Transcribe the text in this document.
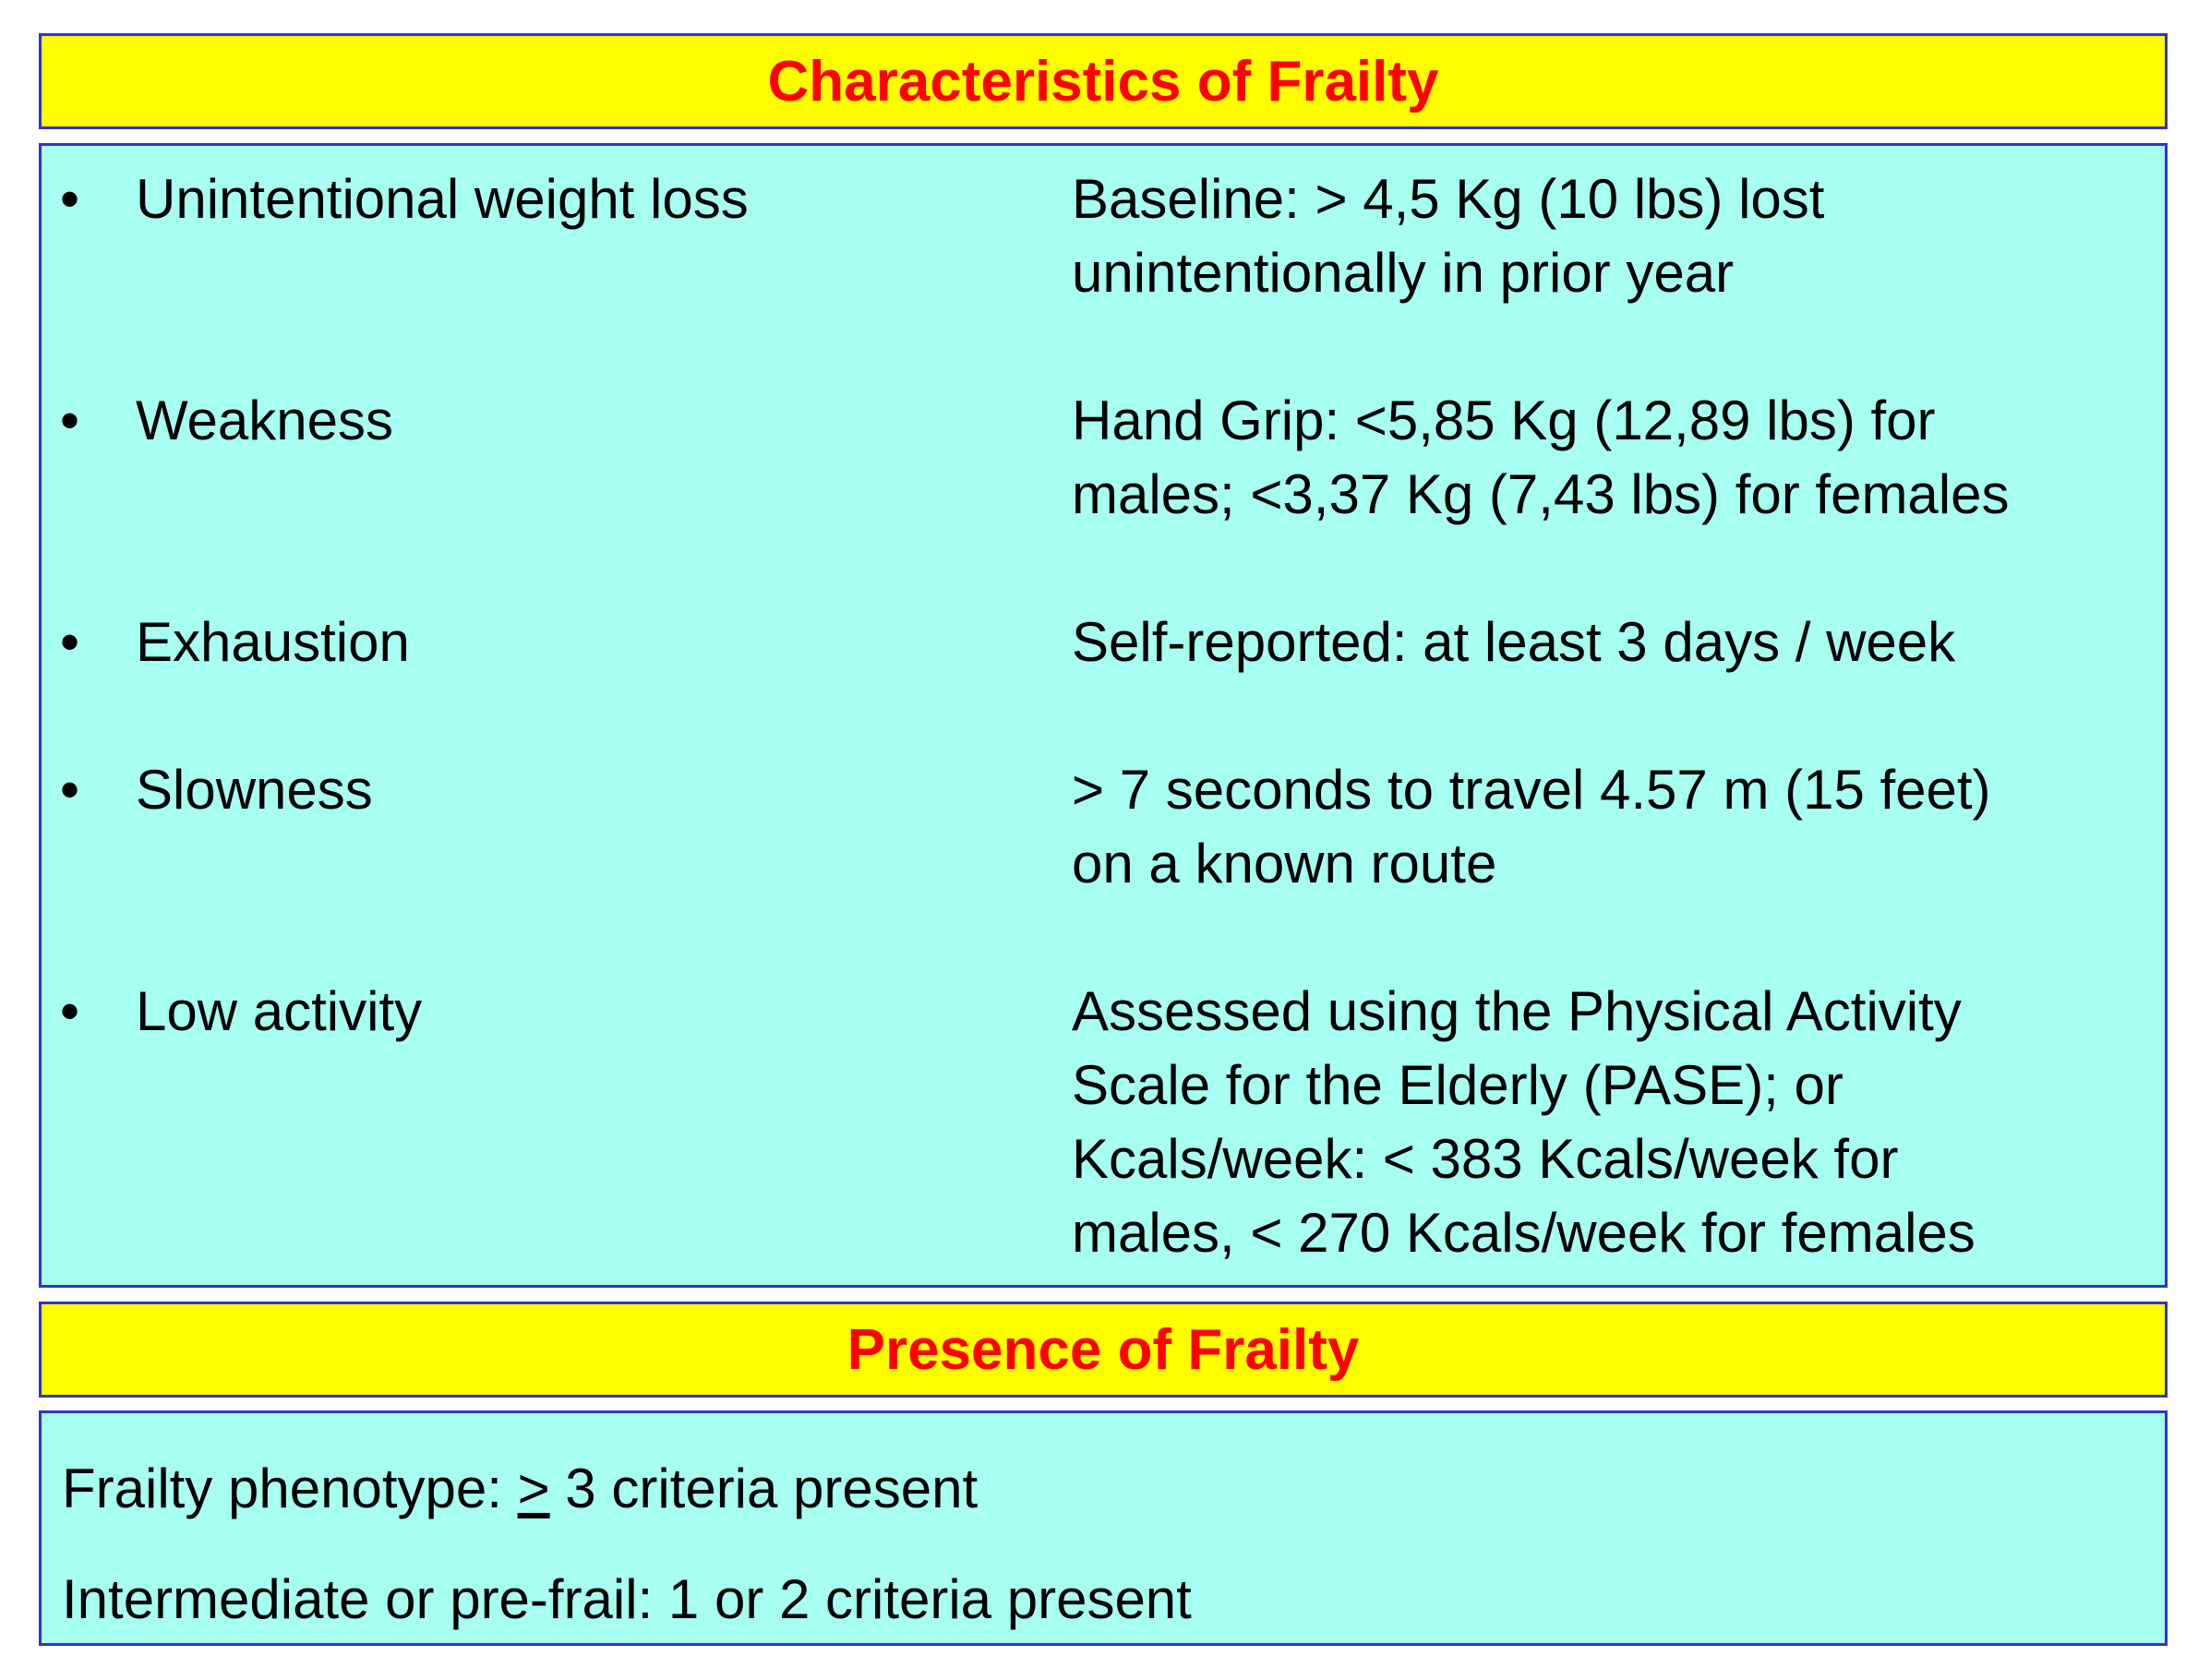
Characteristics of Frailty
•	Unintentional weight loss	Baseline: > 4,5 Kg (10 lbs) lost
unintentionally in prior year
•	Weakness	Hand Grip: <5,85 Kg (12,89 lbs) for
males; <3,37 Kg (7,43 lbs) for females
•	Exhaustion	Self-reported: at least 3 days / week
•	Slowness	> 7 seconds to travel 4.57 m (15 feet)
on a known route
•	Low activity	Assessed using the Physical Activity
Scale for the Elderly (PASE); or
Kcals/week: < 383 Kcals/week for
males, < 270 Kcals/week for females
Presence of Frailty
Frailty phenotype: > 3 criteria present
Intermediate or pre-frail: 1 or 2 criteria present
